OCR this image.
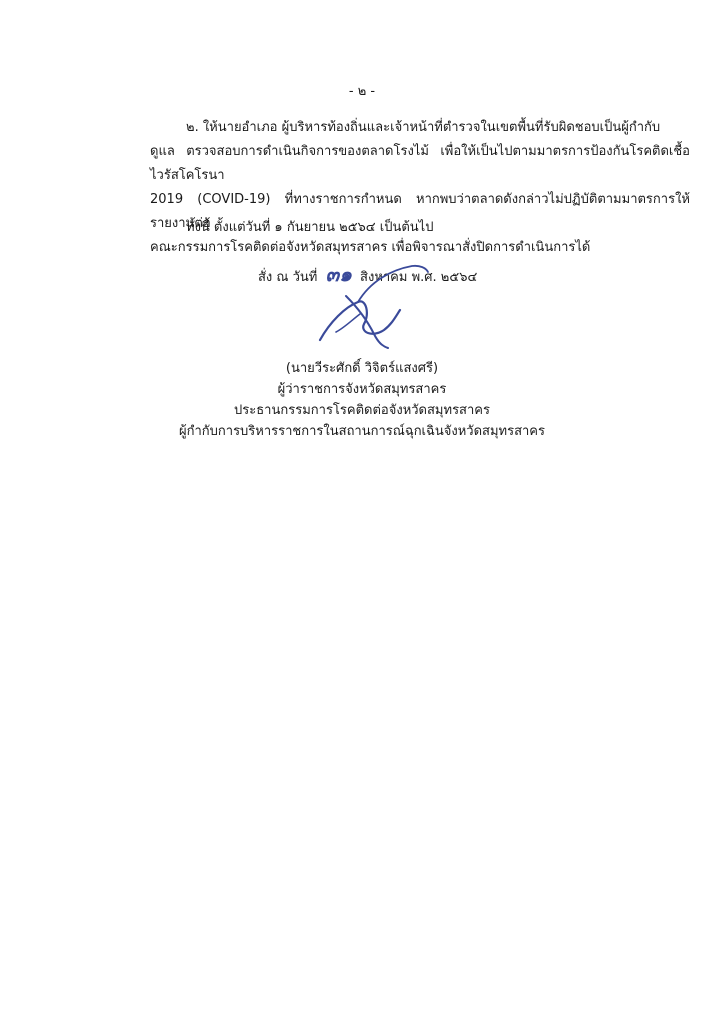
- ๒ -

๒. ให้นายอำเภอ ผู้บริหารท้องถิ่นและเจ้าหน้าที่ตำรวจในเขตพื้นที่รับผิดชอบเป็นผู้กำกับ

ดูแล ตรวจสอบการดำเนินกิจการของตลาดโรงไม้ เพื่อให้เป็นไปตามมาตรการป้องกันโรคติดเชื้อไวรัสโคโรนา

2019 (COVID-19) ที่ทางราชการกำหนด หากพบว่าตลาดดังกล่าวไม่ปฏิบัติตามมาตรการให้รายงานต่อ

คณะกรรมการโรคติดต่อจังหวัดสมุทรสาคร เพื่อพิจารณาสั่งปิดการดำเนินการได้

ทั้งนี้ ตั้งแต่วันที่ ๑ กันยายน ๒๕๖๔ เป็นต้นไป
สั่ง ณ วันที่ ๓๑ สิงหาคม พ.ศ. ๒๕๖๔
(นายวีระศักดิ์ วิจิตร์แสงศรี)
ผู้ว่าราชการจังหวัดสมุทรสาคร
ประธานกรรมการโรคติดต่อจังหวัดสมุทรสาคร
ผู้กำกับการบริหารราชการในสถานการณ์ฉุกเฉินจังหวัดสมุทรสาคร
